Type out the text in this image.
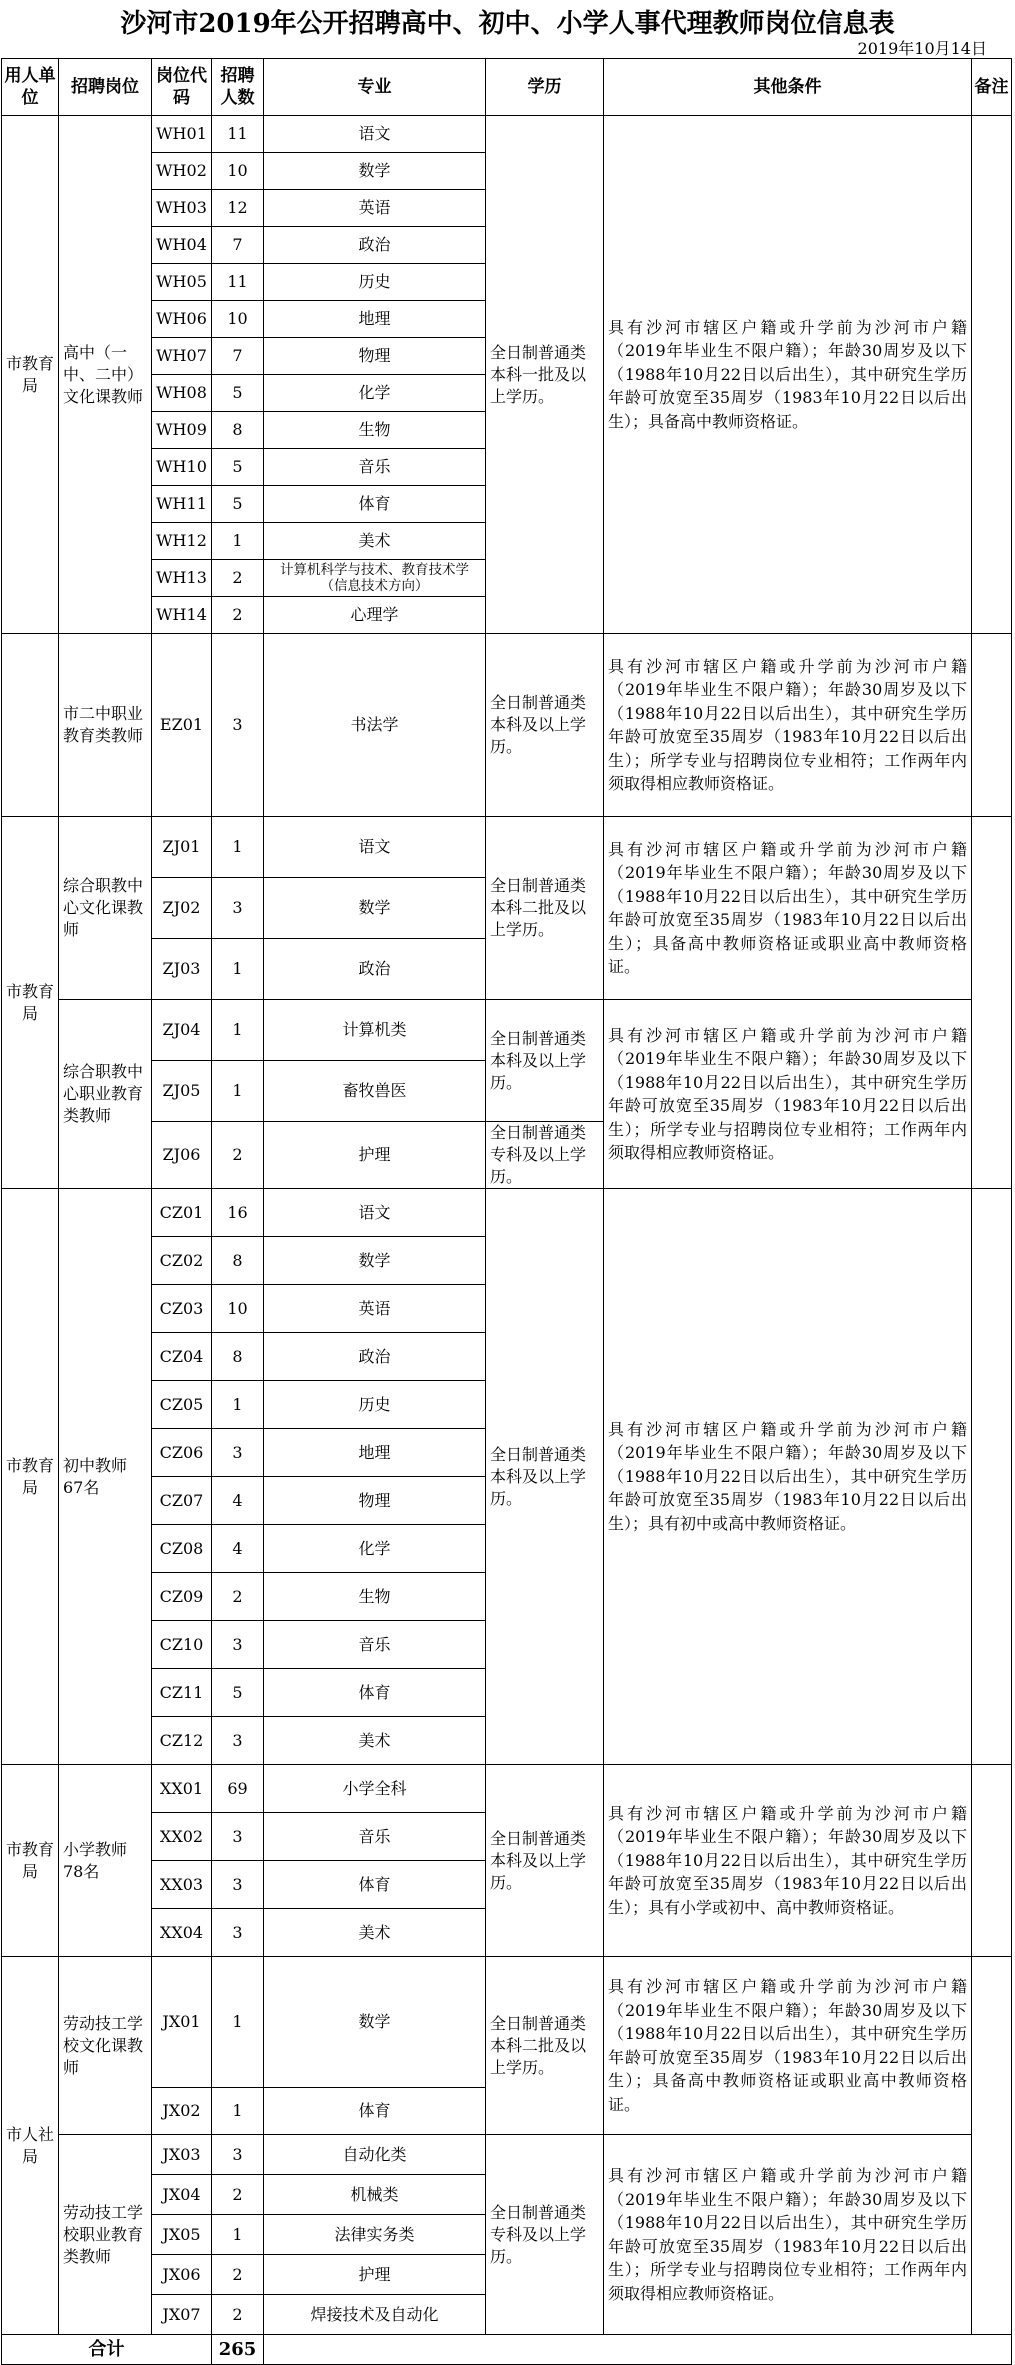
沙河市2019年公开招聘高中、初中、小学人事代理教师岗位信息表
2019年10月14日
用人单位	招聘岗位	岗位代码	招聘人数	专业	学历	其他条件	备注
市教育局	高中（一中、二中）文化课教师	WH01	11	语文	全日制普通类本科一批及以上学历。	具有沙河市辖区户籍或升学前为沙河市户籍（2019年毕业生不限户籍）；年龄30周岁及以下（1988年10月22日以后出生），其中研究生学历年龄可放宽至35周岁（1983年10月22日以后出生）；具备高中教师资格证。	
		WH02	10	数学			
		WH03	12	英语			
		WH04	7	政治			
		WH05	11	历史			
		WH06	10	地理			
		WH07	7	物理			
		WH08	5	化学			
		WH09	8	生物			
		WH10	5	音乐			
		WH11	5	体育			
		WH12	1	美术			
		WH13	2	计算机科学与技术、教育技术学（信息技术方向）			
		WH14	2	心理学			
	市二中职业教育类教师	EZ01	3	书法学	全日制普通类本科及以上学历。	具有沙河市辖区户籍或升学前为沙河市户籍（2019年毕业生不限户籍）；年龄30周岁及以下（1988年10月22日以后出生），其中研究生学历年龄可放宽至35周岁（1983年10月22日以后出生）；所学专业与招聘岗位专业相符；工作两年内须取得相应教师资格证。	
市教育局	综合职教中心文化课教师	ZJ01	1	语文	全日制普通类本科二批及以上学历。	具有沙河市辖区户籍或升学前为沙河市户籍（2019年毕业生不限户籍）；年龄30周岁及以下（1988年10月22日以后出生），其中研究生学历年龄可放宽至35周岁（1983年10月22日以后出生）；具备高中教师资格证或职业高中教师资格证。	
		ZJ02	3	数学			
		ZJ03	1	政治			
	综合职教中心职业教育类教师	ZJ04	1	计算机类	全日制普通类本科及以上学历。	具有沙河市辖区户籍或升学前为沙河市户籍（2019年毕业生不限户籍）；年龄30周岁及以下（1988年10月22日以后出生），其中研究生学历年龄可放宽至35周岁（1983年10月22日以后出生）；所学专业与招聘岗位专业相符；工作两年内须取得相应教师资格证。	
		ZJ05	1	畜牧兽医			
		ZJ06	2	护理	全日制普通类专科及以上学历。		
市教育局	初中教师67名	CZ01	16	语文	全日制普通类本科及以上学历。	具有沙河市辖区户籍或升学前为沙河市户籍（2019年毕业生不限户籍）；年龄30周岁及以下（1988年10月22日以后出生），其中研究生学历年龄可放宽至35周岁（1983年10月22日以后出生）；具有初中或高中教师资格证。	
		CZ02	8	数学			
		CZ03	10	英语			
		CZ04	8	政治			
		CZ05	1	历史			
		CZ06	3	地理			
		CZ07	4	物理			
		CZ08	4	化学			
		CZ09	2	生物			
		CZ10	3	音乐			
		CZ11	5	体育			
		CZ12	3	美术			
市教育局	小学教师78名	XX01	69	小学全科	全日制普通类本科及以上学历。	具有沙河市辖区户籍或升学前为沙河市户籍（2019年毕业生不限户籍）；年龄30周岁及以下（1988年10月22日以后出生），其中研究生学历年龄可放宽至35周岁（1983年10月22日以后出生）；具有小学或初中、高中教师资格证。	
		XX02	3	音乐			
		XX03	3	体育			
		XX04	3	美术			
市人社局	劳动技工学校文化课教师	JX01	1	数学	全日制普通类本科二批及以上学历。	具有沙河市辖区户籍或升学前为沙河市户籍（2019年毕业生不限户籍）；年龄30周岁及以下（1988年10月22日以后出生），其中研究生学历年龄可放宽至35周岁（1983年10月22日以后出生）；具备高中教师资格证或职业高中教师资格证。	
		JX02	1	体育			
	劳动技工学校职业教育类教师	JX03	3	自动化类	全日制普通类专科及以上学历。	具有沙河市辖区户籍或升学前为沙河市户籍（2019年毕业生不限户籍）；年龄30周岁及以下（1988年10月22日以后出生），其中研究生学历年龄可放宽至35周岁（1983年10月22日以后出生）；所学专业与招聘岗位专业相符；工作两年内须取得相应教师资格证。	
		JX04	2	机械类			
		JX05	1	法律实务类			
		JX06	2	护理			
		JX07	2	焊接技术及自动化			
合计			265				
